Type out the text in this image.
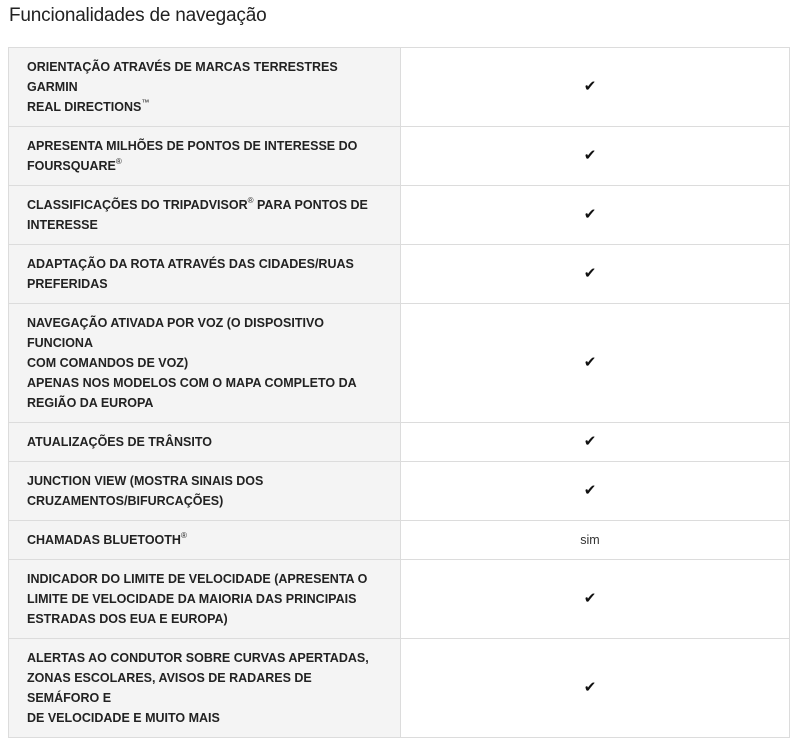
Funcionalidades de navegação
ORIENTAÇÃO ATRAVÉS DE MARCAS TERRESTRES GARMIN
REAL DIRECTIONS™	✔

APRESENTA MILHÕES DE PONTOS DE INTERESSE DO
FOURSQUARE®	✔

CLASSIFICAÇÕES DO TRIPADVISOR® PARA PONTOS DE
INTERESSE	✔

ADAPTAÇÃO DA ROTA ATRAVÉS DAS CIDADES/RUAS
PREFERIDAS	✔

NAVEGAÇÃO ATIVADA POR VOZ (O DISPOSITIVO FUNCIONA
COM COMANDOS DE VOZ)
APENAS NOS MODELOS COM O MAPA COMPLETO DA
REGIÃO DA EUROPA	✔

ATUALIZAÇÕES DE TRÂNSITO	✔

JUNCTION VIEW (MOSTRA SINAIS DOS
CRUZAMENTOS/BIFURCAÇÕES)	✔

CHAMADAS BLUETOOTH®	sim

INDICADOR DO LIMITE DE VELOCIDADE (APRESENTA O
LIMITE DE VELOCIDADE DA MAIORIA DAS PRINCIPAIS
ESTRADAS DOS EUA E EUROPA)	✔

ALERTAS AO CONDUTOR SOBRE CURVAS APERTADAS,
ZONAS ESCOLARES, AVISOS DE RADARES DE SEMÁFORO E
DE VELOCIDADE E MUITO MAIS	✔
